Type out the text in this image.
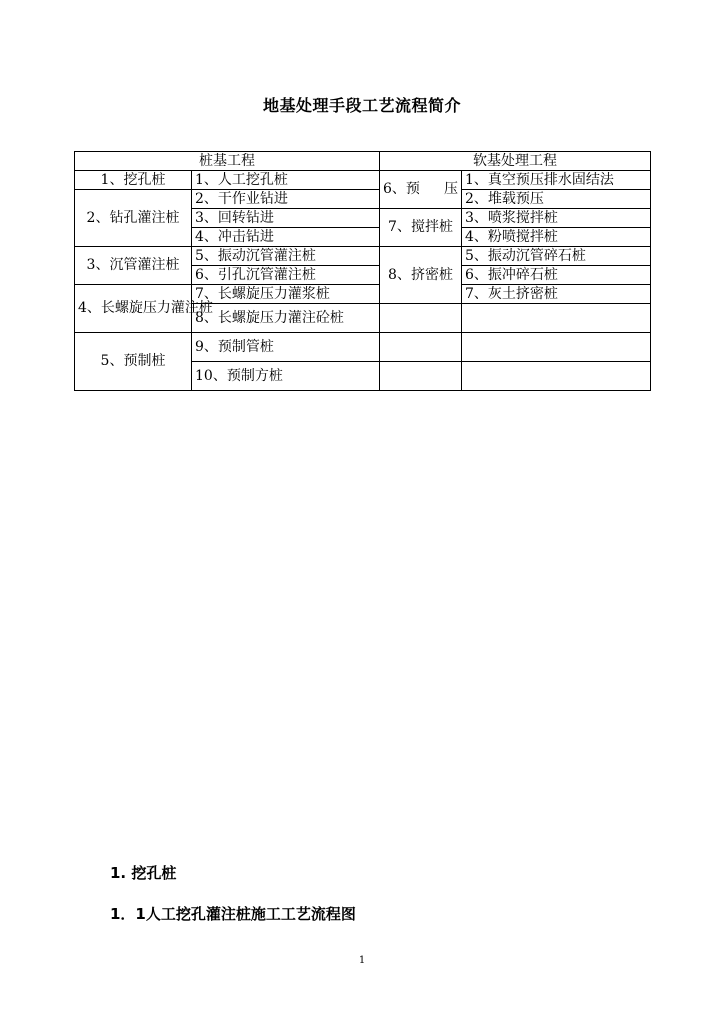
地基处理手段工艺流程简介
桩基工程		软基处理工程	
1、挖孔桩	1、人工挖孔桩	6、预 压	1、真空预压排水固结法
2、钻孔灌注桩	2、干作业钻进		2、堆载预压
	3、回转钻进	7、搅拌桩	3、喷浆搅拌桩
	4、冲击钻进		4、粉喷搅拌桩
3、沉管灌注桩	5、振动沉管灌注桩	8、挤密桩	5、振动沉管碎石桩
	6、引孔沉管灌注桩		6、振冲碎石桩
4、长螺旋压力灌注桩	7、长螺旋压力灌浆桩		7、灰土挤密桩
	8、长螺旋压力灌注砼桩		
5、预制桩	9、预制管桩		
	10、预制方桩		
1. 挖孔桩
1．1人工挖孔灌注桩施工工艺流程图
1
